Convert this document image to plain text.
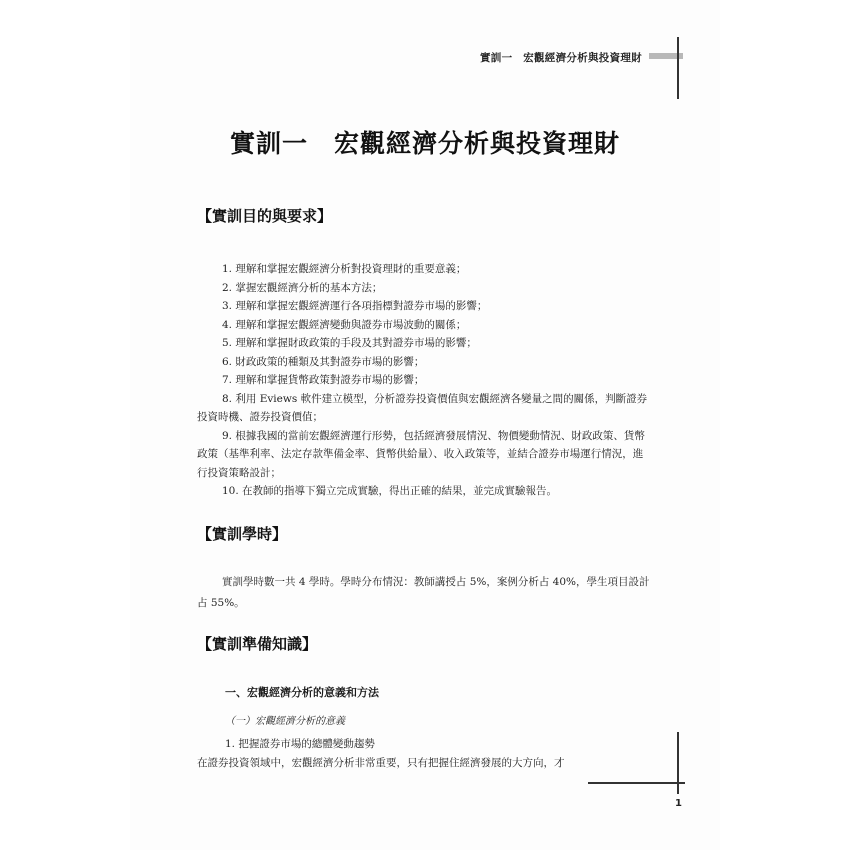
實訓一　宏觀經濟分析與投資理財
實訓一 宏觀經濟分析與投資理財
【實訓目的與要求】
1. 理解和掌握宏觀經濟分析對投資理財的重要意義；
2. 掌握宏觀經濟分析的基本方法；
3. 理解和掌握宏觀經濟運行各項指標對證券市場的影響；
4. 理解和掌握宏觀經濟變動與證券市場波動的關係；
5. 理解和掌握財政政策的手段及其對證券市場的影響；
6. 財政政策的種類及其對證券市場的影響；
7. 理解和掌握貨幣政策對證券市場的影響；
8. 利用 Eviews 軟件建立模型，分析證券投資價值與宏觀經濟各變量之間的關係，判斷證券投資時機、證券投資價值；
9. 根據我國的當前宏觀經濟運行形勢，包括經濟發展情況、物價變動情況、財政政策、貨幣政策（基準利率、法定存款準備金率、貨幣供給量）、收入政策等，並結合證券市場運行情況，進行投資策略設計；
10. 在教師的指導下獨立完成實驗，得出正確的結果，並完成實驗報告。
【實訓學時】
實訓學時數一共 4 學時。學時分布情況：教師講授占 5%，案例分析占 40%，學生項目設計占 55%。
【實訓準備知識】
一、宏觀經濟分析的意義和方法
（一）宏觀經濟分析的意義
1. 把握證券市場的總體變動趨勢
在證券投資領域中，宏觀經濟分析非常重要，只有把握住經濟發展的大方向，才
1
